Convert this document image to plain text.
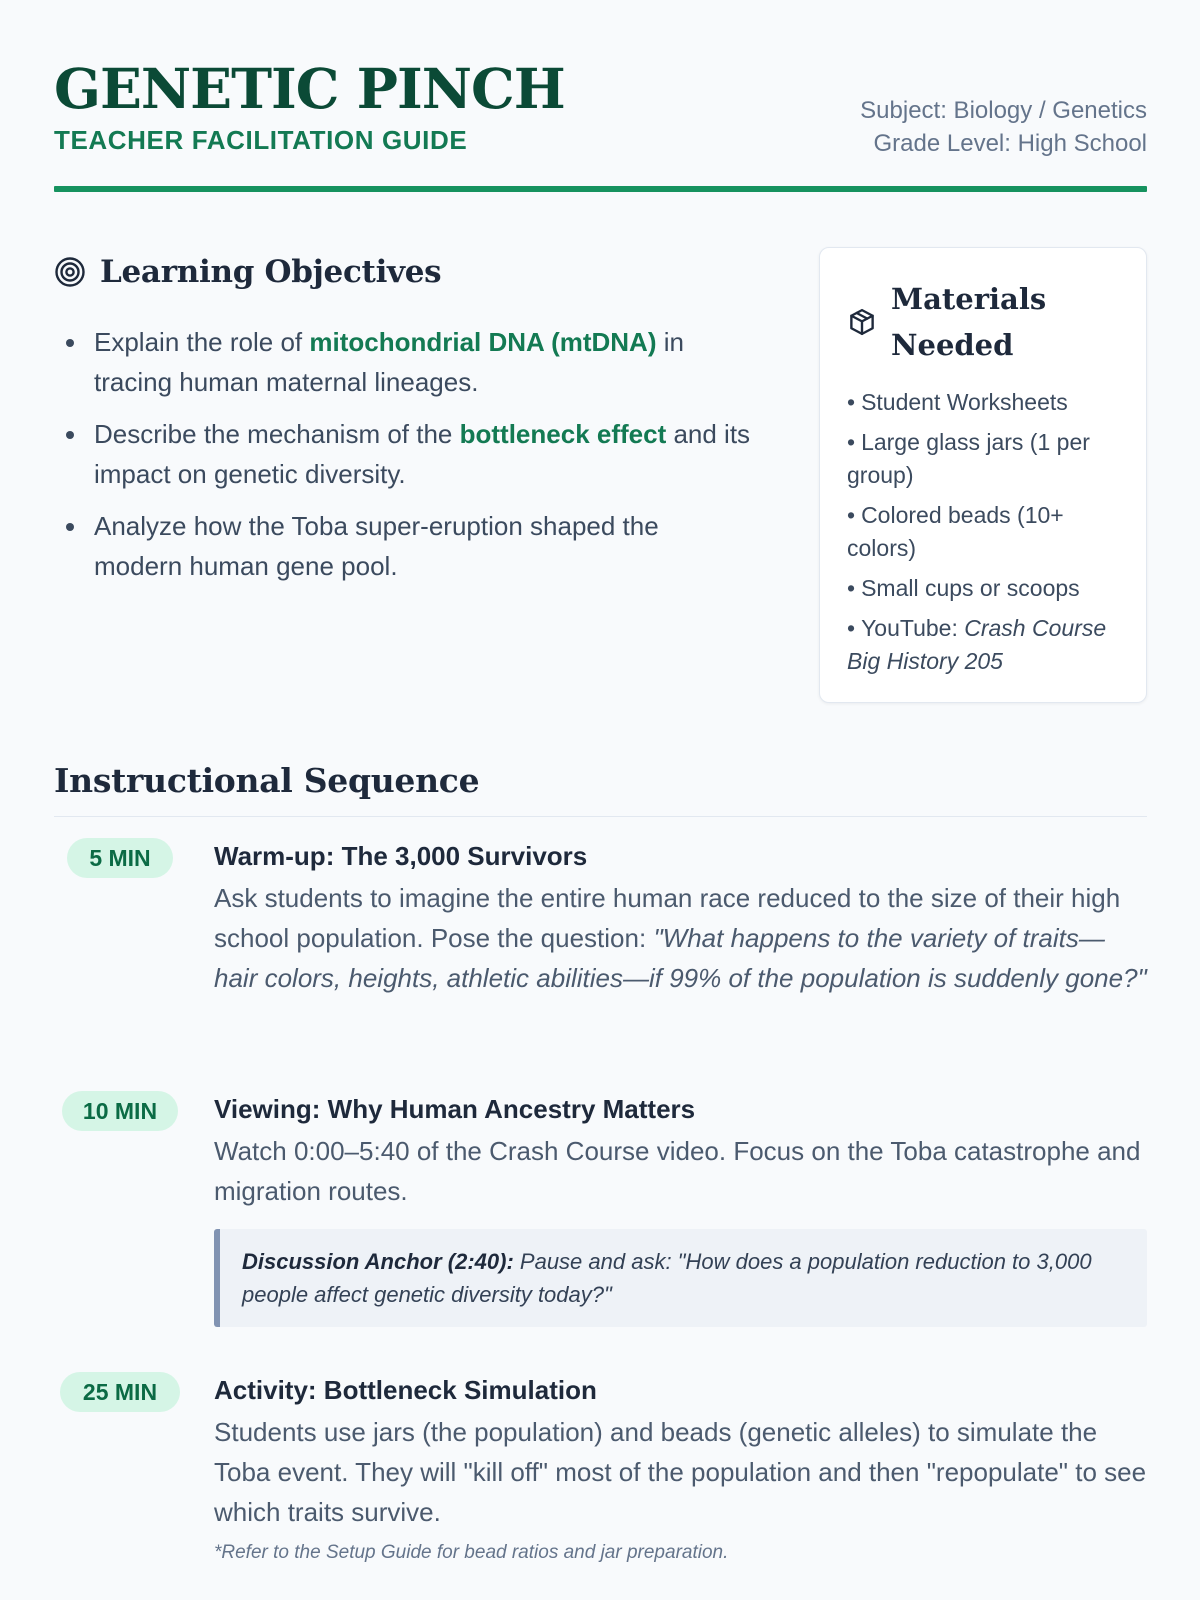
GENETIC PINCH
TEACHER FACILITATION GUIDE
Subject: Biology / Genetics
Grade Level: High School
Learning Objectives
Explain the role of mitochondrial DNA (mtDNA) in tracing human maternal lineages.
Describe the mechanism of the bottleneck effect and its impact on genetic diversity.
Analyze how the Toba super-eruption shaped the modern human gene pool.
Materials Needed
• Student Worksheets
• Large glass jars (1 per group)
• Colored beads (10+ colors)
• Small cups or scoops
• YouTube: Crash Course Big History 205
Instructional Sequence
5 MIN	Warm-up: The 3,000 Survivors
Ask students to imagine the entire human race reduced to the size of their high school population. Pose the question: "What happens to the variety of traits—hair colors, heights, athletic abilities—if 99% of the population is suddenly gone?"
10 MIN	Viewing: Why Human Ancestry Matters
Watch 0:00–5:40 of the Crash Course video. Focus on the Toba catastrophe and migration routes.
Discussion Anchor (2:40): Pause and ask: "How does a population reduction to 3,000 people affect genetic diversity today?"
25 MIN	Activity: Bottleneck Simulation
Students use jars (the population) and beads (genetic alleles) to simulate the Toba event. They will "kill off" most of the population and then "repopulate" to see which traits survive.
*Refer to the Setup Guide for bead ratios and jar preparation.
